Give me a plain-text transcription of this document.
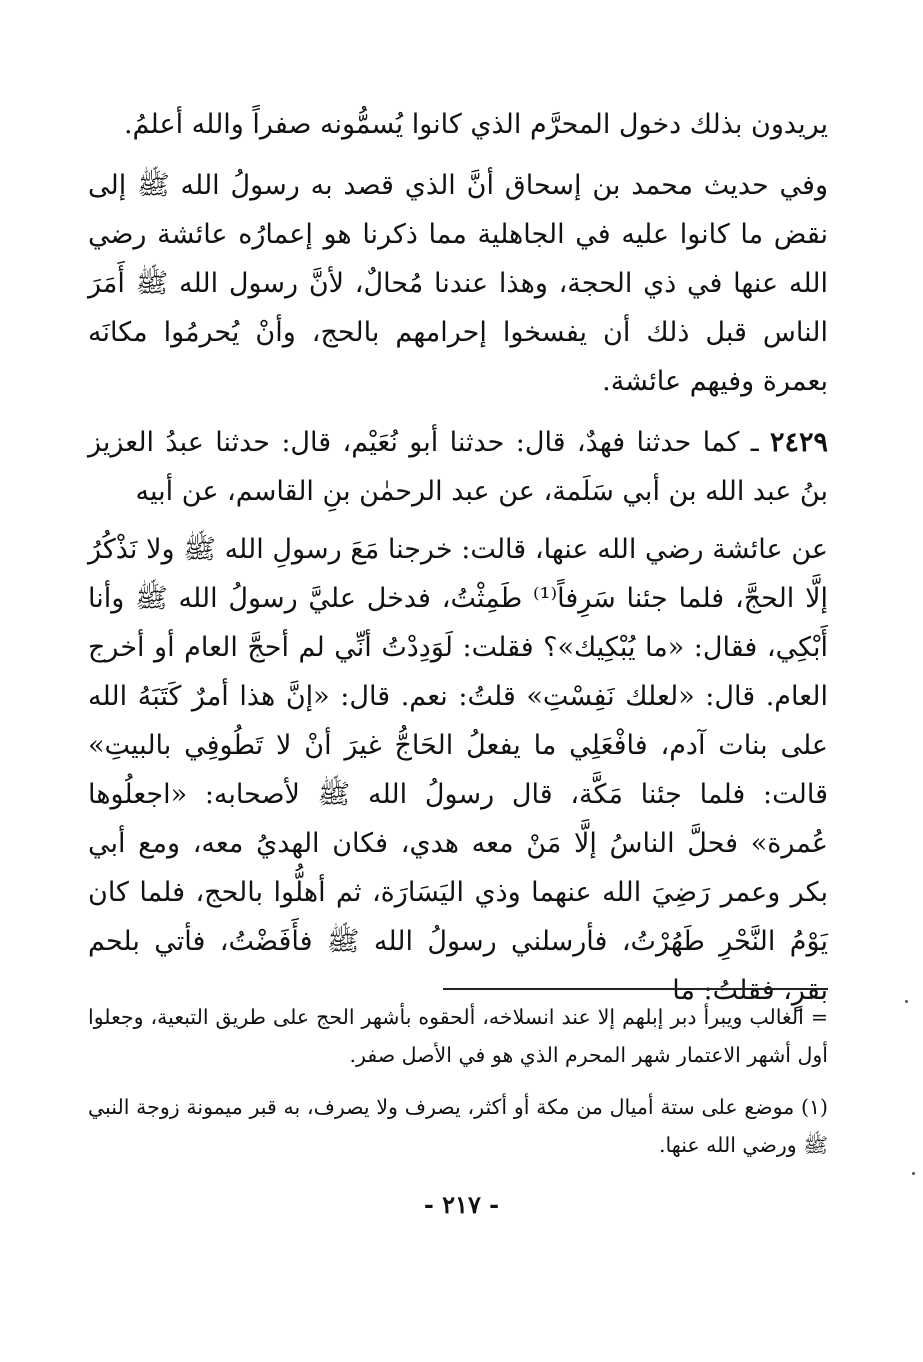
يريدون بذلك دخول المحرَّم الذي كانوا يُسمُّونه صفراً والله أعلمُ.

وفي حديث محمد بن إسحاق أنَّ الذي قصد به رسولُ الله ﷺ إلى نقض ما كانوا عليه في الجاهلية مما ذكرنا هو إعمارُه عائشة رضي الله عنها في ذي الحجة، وهذا عندنا مُحالٌ، لأنَّ رسول الله ﷺ أَمَرَ الناس قبل ذلك أن يفسخوا إحرامهم بالحج، وأنْ يُحرمُوا مكانَه بعمرة وفيهم عائشة.

٢٤٢٩ ـ كما حدثنا فهدٌ، قال: حدثنا أبو نُعَيْم، قال: حدثنا عبدُ العزيز بنُ عبد الله بن أبي سَلَمة، عن عبد الرحمٰن بنِ القاسم، عن أبيه

عن عائشة رضي الله عنها، قالت: خرجنا مَعَ رسولِ الله ﷺ ولا نَذْكُرُ إلَّا الحجَّ، فلما جئنا سَرِفاً⁽¹⁾ طَمِثْتُ، فدخل عليَّ رسولُ الله ﷺ وأنا أَبْكِي، فقال: «ما يُبْكِيك»؟ فقلت: لَوَدِدْتُ أنِّي لم أحجَّ العام أو أخرج العام. قال: «لعلك نَفِسْتِ» قلتُ: نعم. قال: «إنَّ هذا أمرٌ كَتَبَهُ الله على بنات آدم، فافْعَلِي ما يفعلُ الحَاجُّ غيرَ أنْ لا تَطُوفِي بالبيتِ» قالت: فلما جئنا مَكَّة، قال رسولُ الله ﷺ لأصحابه: «اجعلُوها عُمرة» فحلَّ الناسُ إلَّا مَنْ معه هدي، فكان الهديُ معه، ومع أبي بكر وعمر رَضِيَ الله عنهما وذي اليَسَارَة، ثم أهلُّوا بالحج، فلما كان يَوْمُ النَّحْرِ طَهُرْتُ، فأرسلني رسولُ الله ﷺ فأَفَضْتُ، فأتي بلحم بقرٍ، فقلتُ: ما

= الغالب ويبرأ دبر إبلهم إلا عند انسلاخه، ألحقوه بأشهر الحج على طريق التبعية، وجعلوا أول أشهر الاعتمار شهر المحرم الذي هو في الأصل صفر.

(١) موضع على ستة أميال من مكة أو أكثر، يصرف ولا يصرف، به قبر ميمونة زوجة النبي ﷺ ورضي الله عنها.

- ٢١٧ -
